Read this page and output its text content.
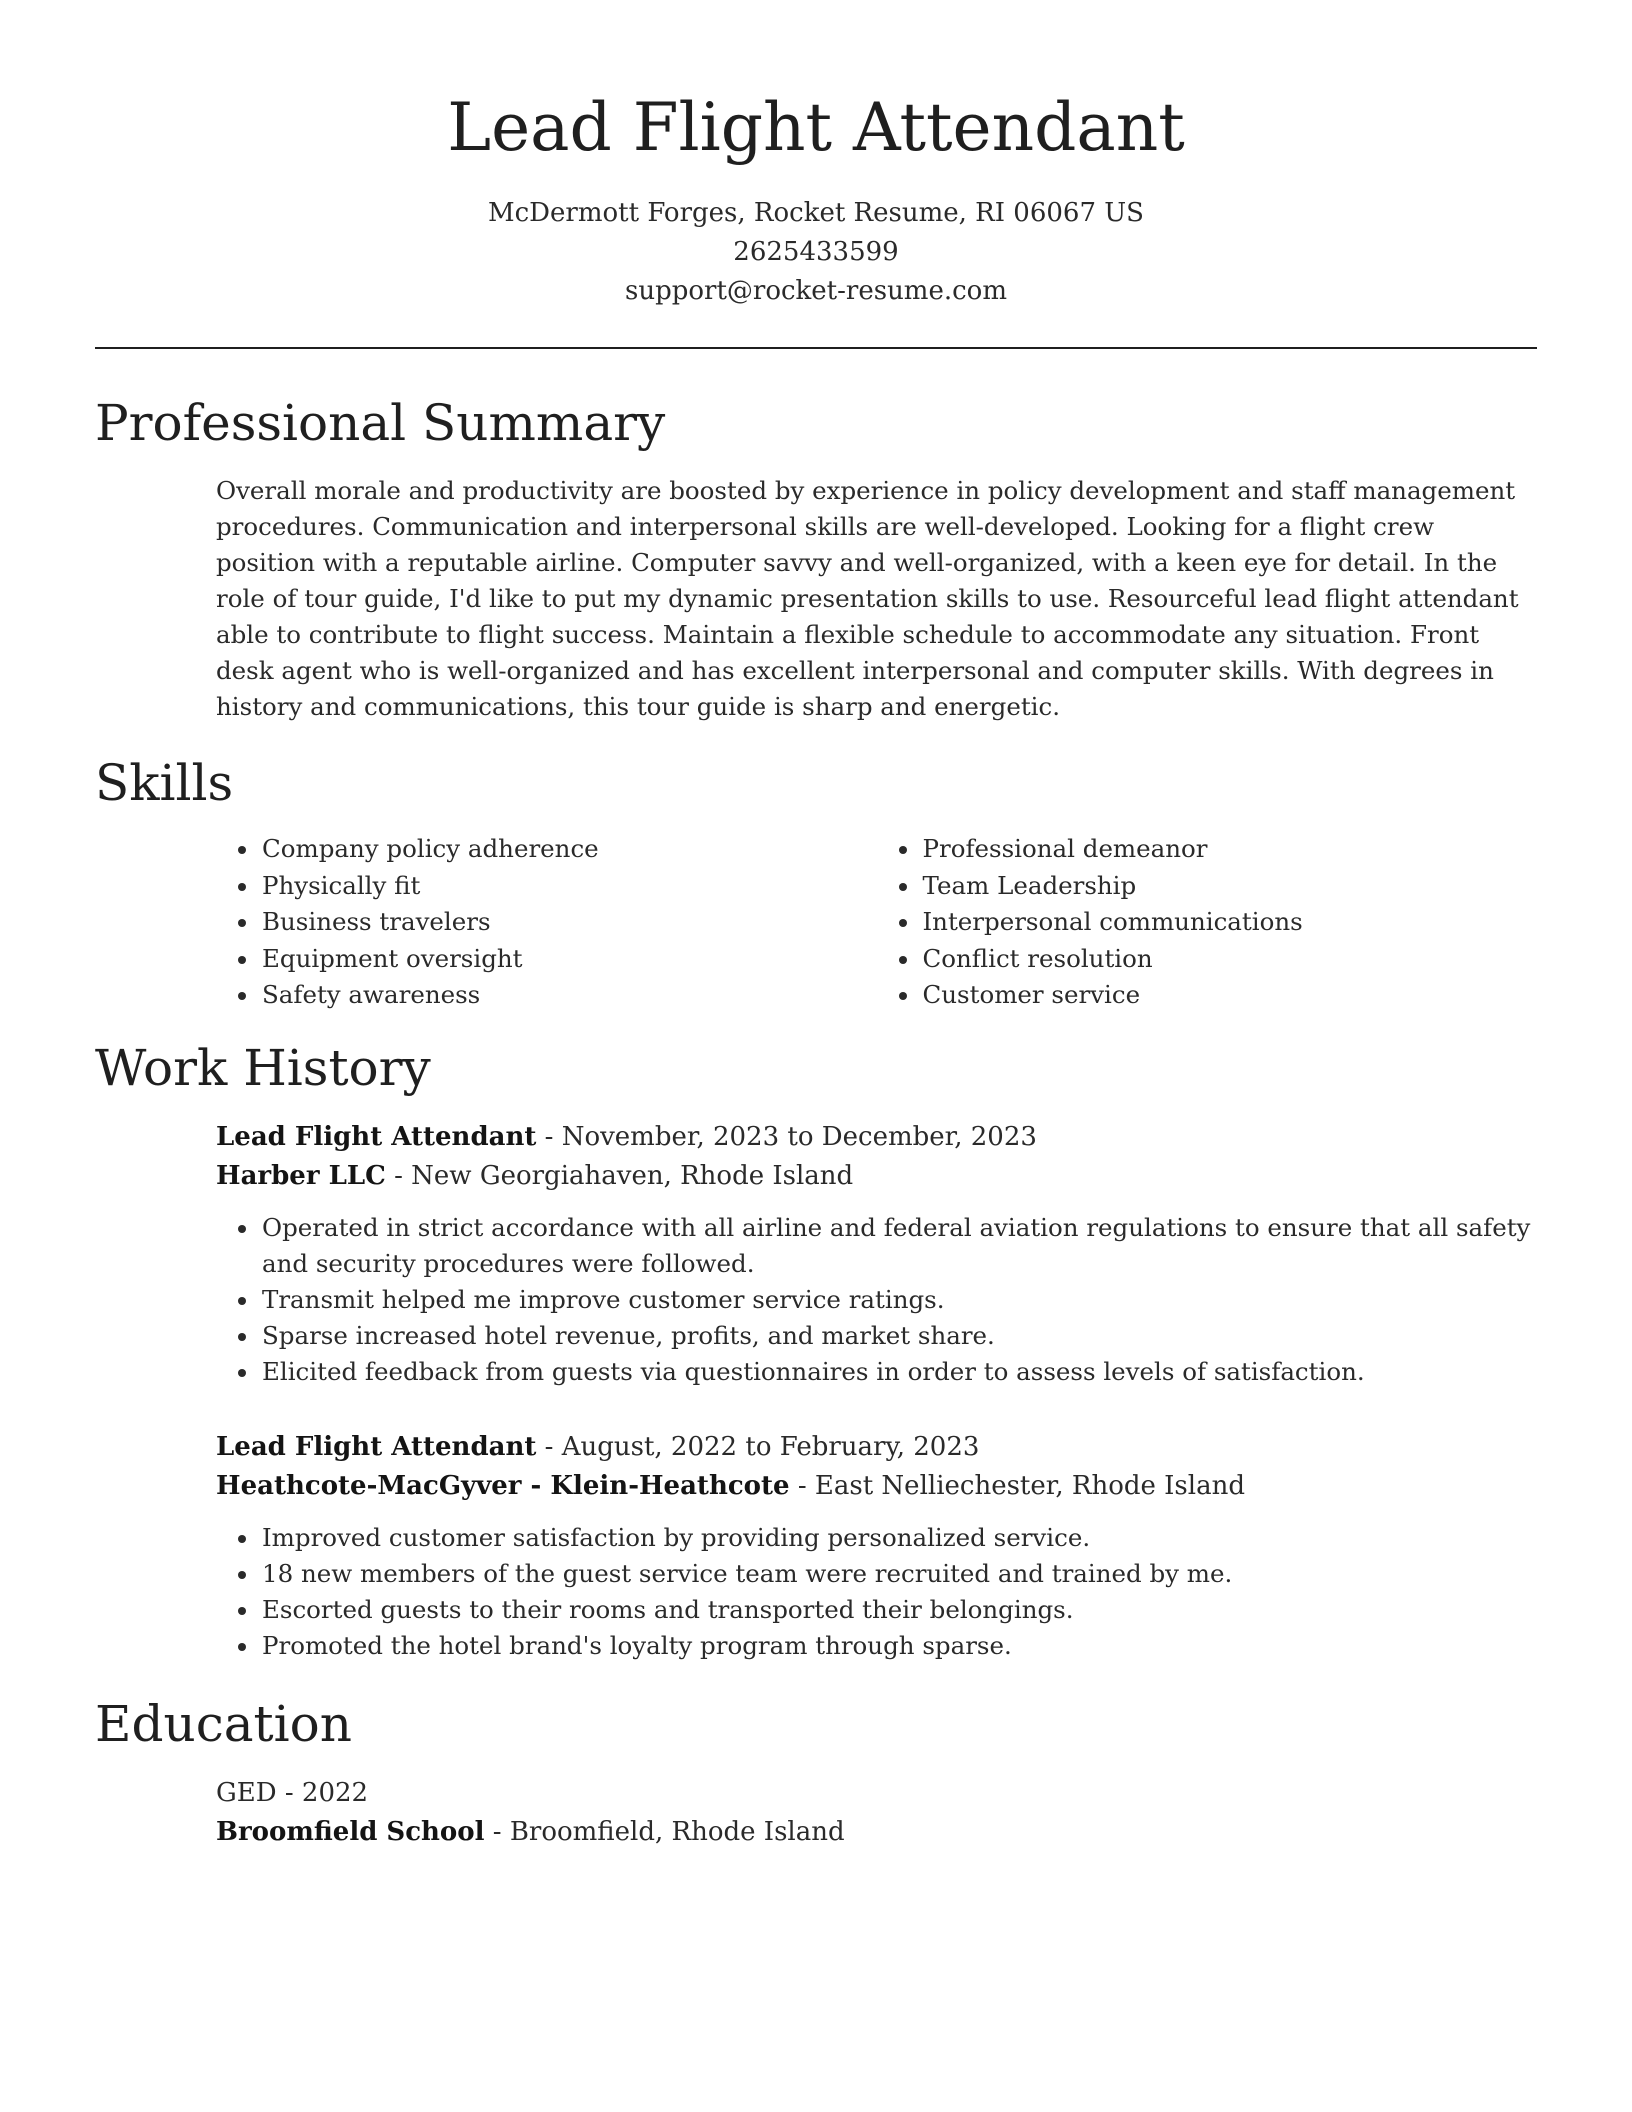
Lead Flight Attendant
McDermott Forges, Rocket Resume, RI 06067 US
2625433599
support@rocket-resume.com
Professional Summary

Overall morale and productivity are boosted by experience in policy development and staff management procedures. Communication and interpersonal skills are well-developed. Looking for a flight crew position with a reputable airline. Computer savvy and well-organized, with a keen eye for detail. In the role of tour guide, I'd like to put my dynamic presentation skills to use. Resourceful lead flight attendant able to contribute to flight success. Maintain a flexible schedule to accommodate any situation. Front desk agent who is well-organized and has excellent interpersonal and computer skills. With degrees in history and communications, this tour guide is sharp and energetic.

Skills
• Company policy adherence
• Physically fit
• Business travelers
• Equipment oversight
• Safety awareness
• Professional demeanor
• Team Leadership
• Interpersonal communications
• Conflict resolution
• Customer service
Work History
Lead Flight Attendant - November, 2023 to December, 2023
Harber LLC - New Georgiahaven, Rhode Island
• Operated in strict accordance with all airline and federal aviation regulations to ensure that all safety and security procedures were followed.
• Transmit helped me improve customer service ratings.
• Sparse increased hotel revenue, profits, and market share.
• Elicited feedback from guests via questionnaires in order to assess levels of satisfaction.
Lead Flight Attendant - August, 2022 to February, 2023
Heathcote-MacGyver - Klein-Heathcote - East Nelliechester, Rhode Island
• Improved customer satisfaction by providing personalized service.
• 18 new members of the guest service team were recruited and trained by me.
• Escorted guests to their rooms and transported their belongings.
• Promoted the hotel brand's loyalty program through sparse.
Education
GED - 2022
Broomfield School - Broomfield, Rhode Island
